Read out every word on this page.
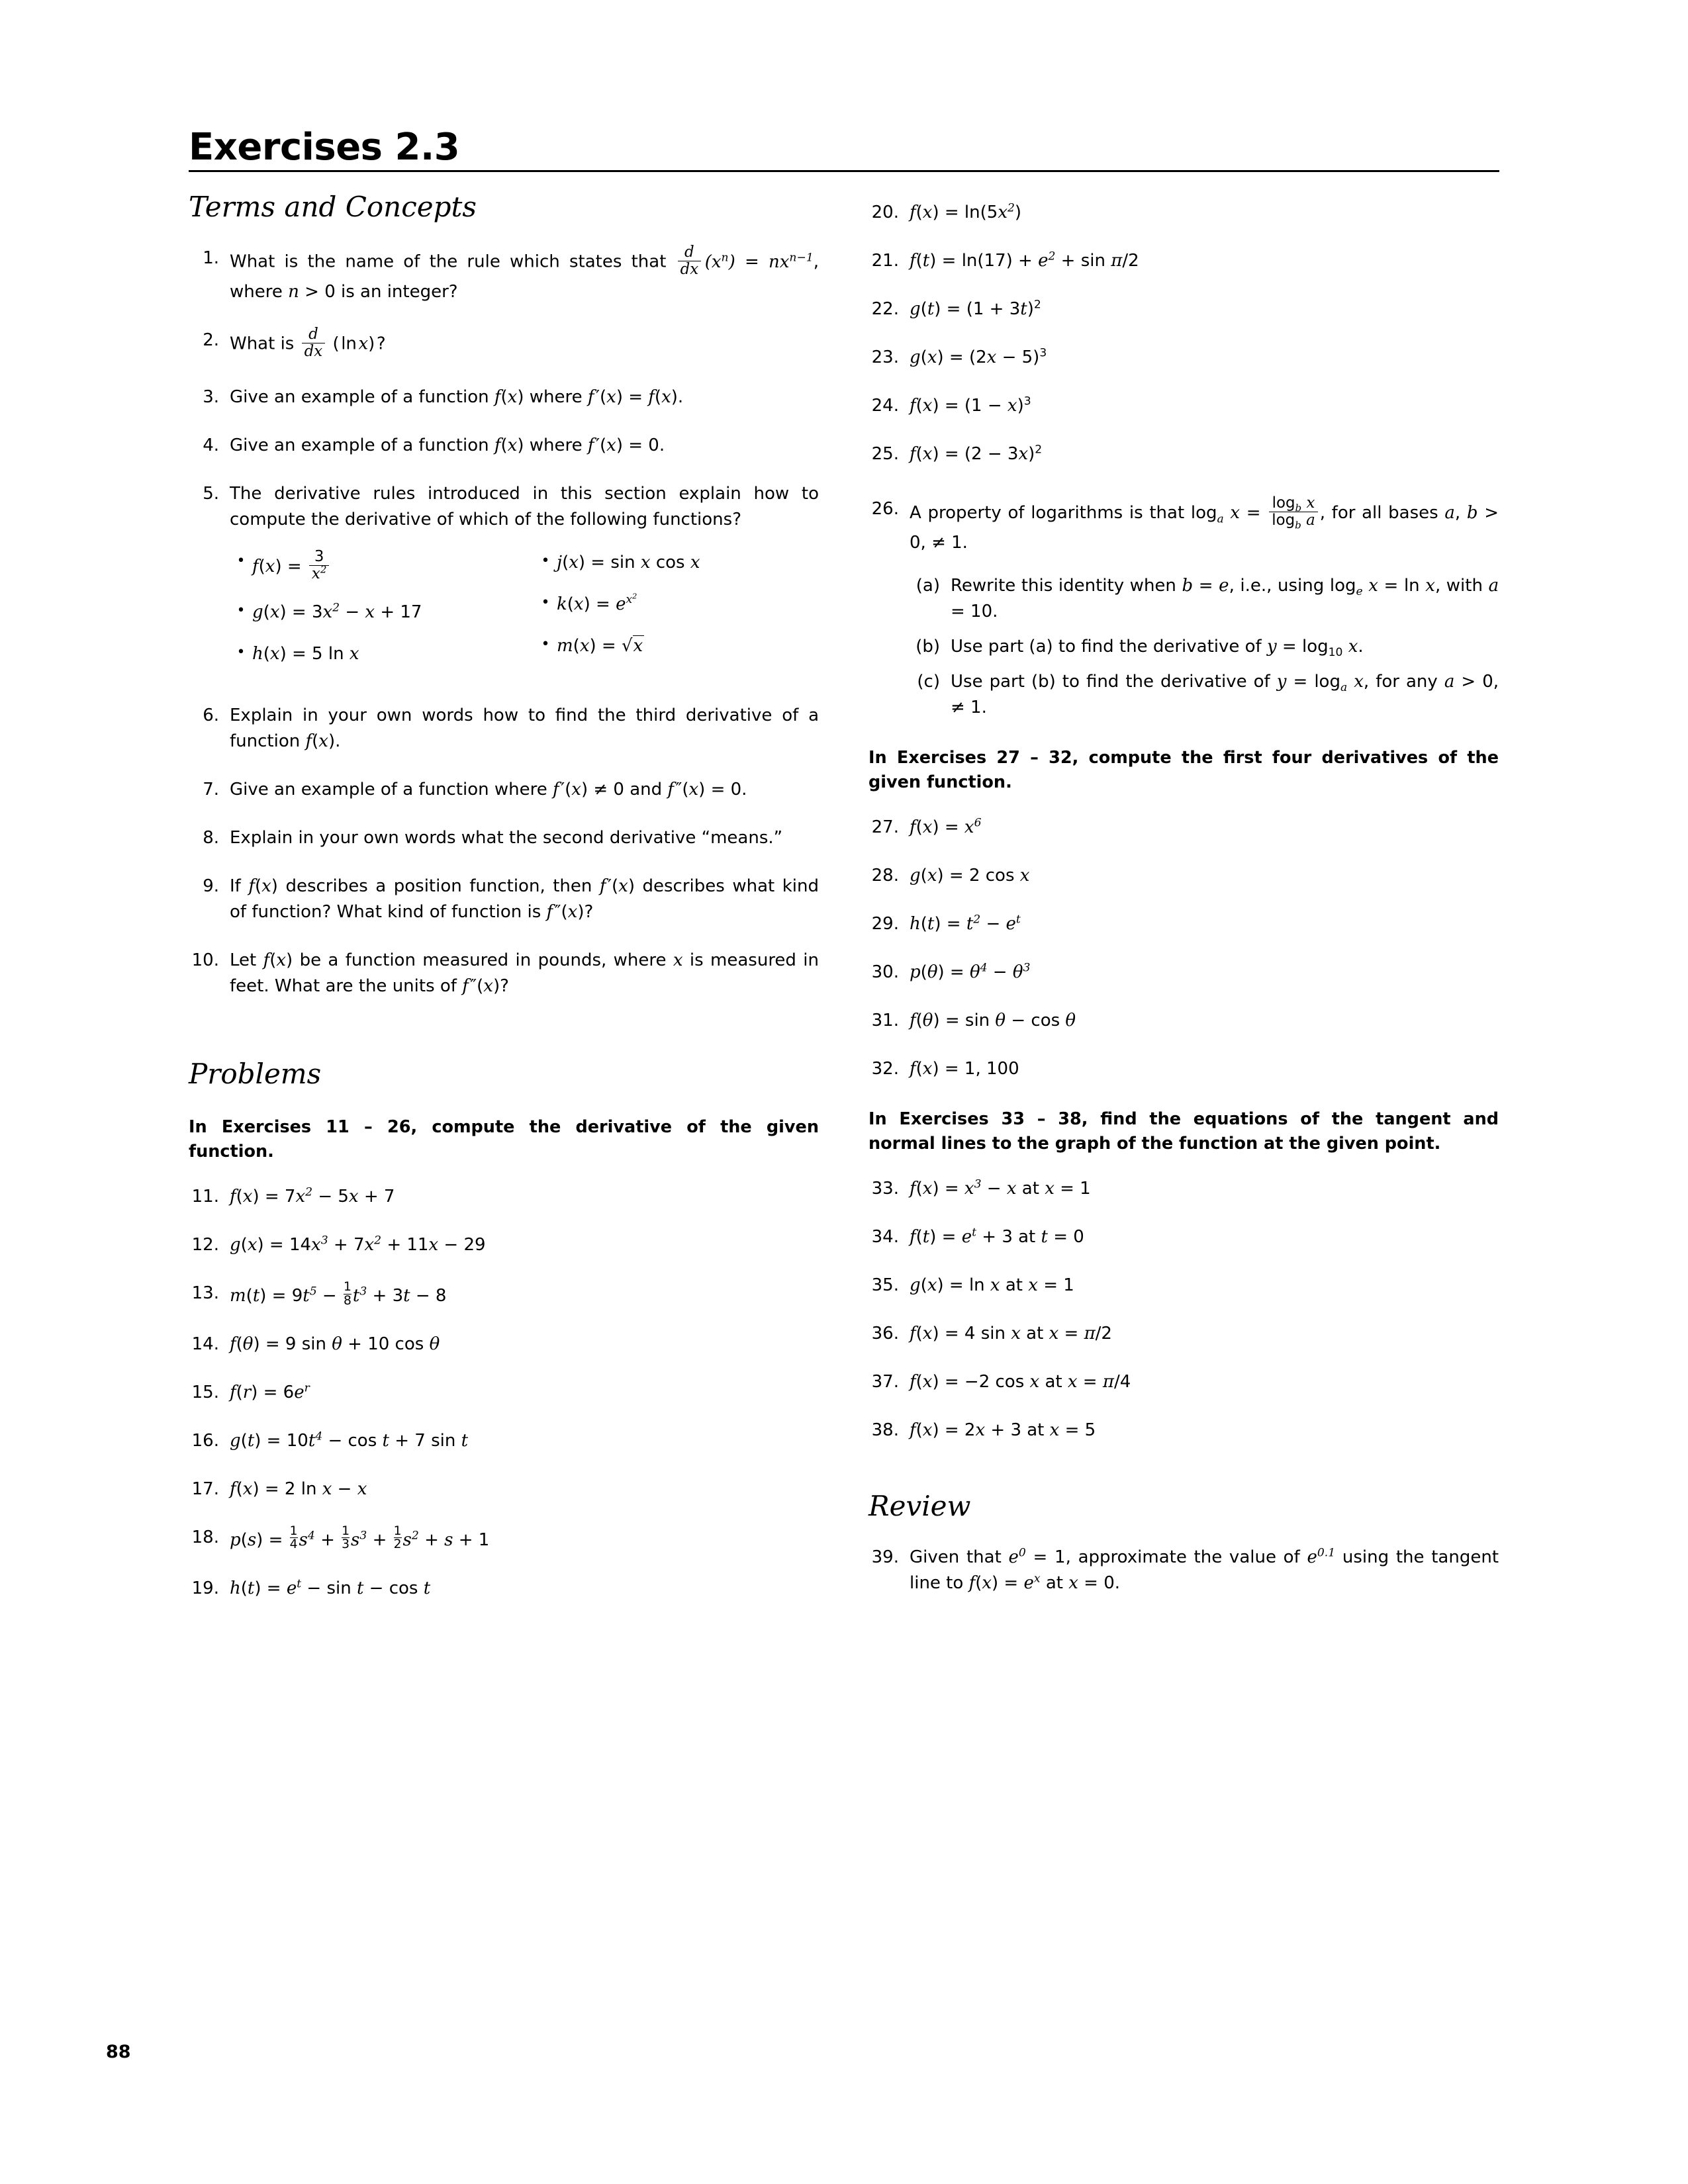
Exercises 2.3
Terms and Concepts
1. What is the name of the rule which states that $\frac{d}{dx}$  $(x^n) = nx^{n-1}$, where n > 0 is an integer?
2. What is $\frac{d}{dx}$ ( ln x) ?
3. Give an example of a function f(x) where f ′(x) = f(x).
4. Give an example of a function f(x) where f ′(x) = 0.
5. The derivative rules introduced in this section explain how to compute the derivative of which of the following functions?
• $f(x) = \frac{3}{x^2}$
• $g(x) = 3x^2 - x + 17$
• h(x) = 5 ln x
• j(x) = sin x cos x
• $k(x) = e^{x^2}$
• m(x) = √x
6. Explain in your own words how to find the third derivative of a function f(x).
7. Give an example of a function where f ′(x) ≠ 0 and f ″(x) = 0.
8. Explain in your own words what the second derivative “means.”
9. If f(x) describes a position function, then f ′(x) describes what kind of function? What kind of function is f ″(x)?
10. Let f(x) be a function measured in pounds, where x is measured in feet. What are the units of f ″(x)?
Problems
In Exercises 11 – 26, compute the derivative of the given function.
11. $f(x) = 7x^2 - 5x + 7$
12. $g(x) = 14x^3 + 7x^2 + 11x - 29$
13. $m(t) = 9t^5 - \frac{1}{8} t^3 + 3t - 8$
14. f(θ) = 9 sin θ + 10 cos θ
15. $f(r) = 6e^r$
16. $g(t) = 10t^4 - \cos t + 7$ sin t
17. f(x) = 2 ln x − x
18. $p(s) = \frac{1}{4} s^4 + \frac{1}{3} s^3 + \frac{1}{2} s^2 + s + 1$
19. $h(t) = e^t - \sin t - \cos t$
20. $f(x) = \ln(5x^2)$
21. $f(t) = \ln(17) + e^2 + \sin \pi/2$
22. $g(t) = (1 + 3t)^2$
23. $g(x) = (2x - 5)^3$
24. $f(x) = (1 - x)^3$
25. $f(x) = (2 - 3x)^2$
26. A property of logarithms is that $\log_a x = \frac{\log_b x}{\log_b a}$ , for all bases a, b > 0, ≠ 1.
(a) Rewrite this identity when b = e, i.e., using $\log_e x = \ln x$, with a = 10.
(b) Use part (a) to find the derivative of $y = \log_{10} x$.
(c) Use part (b) to find the derivative of $y = \log_a x$, for any a > 0, ≠ 1.
In Exercises 27 – 32, compute the first four derivatives of the given function.
27. $f(x) = x^6$
28. g(x) = 2 cos x
29. $h(t) = t^2 - e^t$
30. $p(\theta) = \theta^4 - \theta^3$
31. f(θ) = sin θ − cos θ
32. f(x) = 1, 100
In Exercises 33 – 38, find the equations of the tangent and normal lines to the graph of the function at the given point.
33. $f(x) = x^3 - x$ at x = 1
34. $f(t) = e^t + 3$ at t = 0
35. g(x) = ln x at x = 1
36. f(x) = 4 sin x at x = π/2
37. f(x) = −2 cos x at x = π/4
38. f(x) = 2x + 3 at x = 5
Review
39. Given that $e^0 = 1$, approximate the value of $e^{0.1}$ using the tangent line to $f(x) = e^x$ at x = 0.
88
